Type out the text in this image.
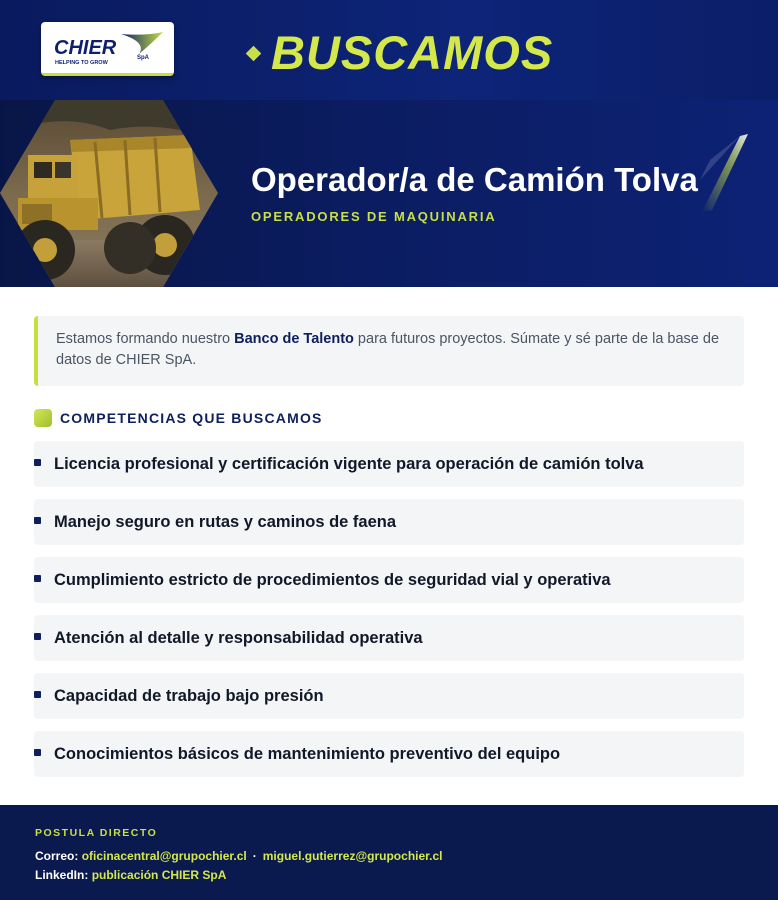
CHIER	SpA
HELPING TO GROW	BUSCAMOS
Operador/a de Camión Tolva
OPERADORES DE MAQUINARIA
Estamos formando nuestro Banco de Talento para futuros proyectos. Súmate y sé parte de la base de datos de CHIER SpA.
COMPETENCIAS QUE BUSCAMOS
Licencia profesional y certificación vigente para operación de camión tolva
Manejo seguro en rutas y caminos de faena
Cumplimiento estricto de procedimientos de seguridad vial y operativa
Atención al detalle y responsabilidad operativa
Capacidad de trabajo bajo presión
Conocimientos básicos de mantenimiento preventivo del equipo
POSTULA DIRECTO
Correo: oficinacentral@grupochier.cl · miguel.gutierrez@grupochier.cl
LinkedIn: publicación CHIER SpA
